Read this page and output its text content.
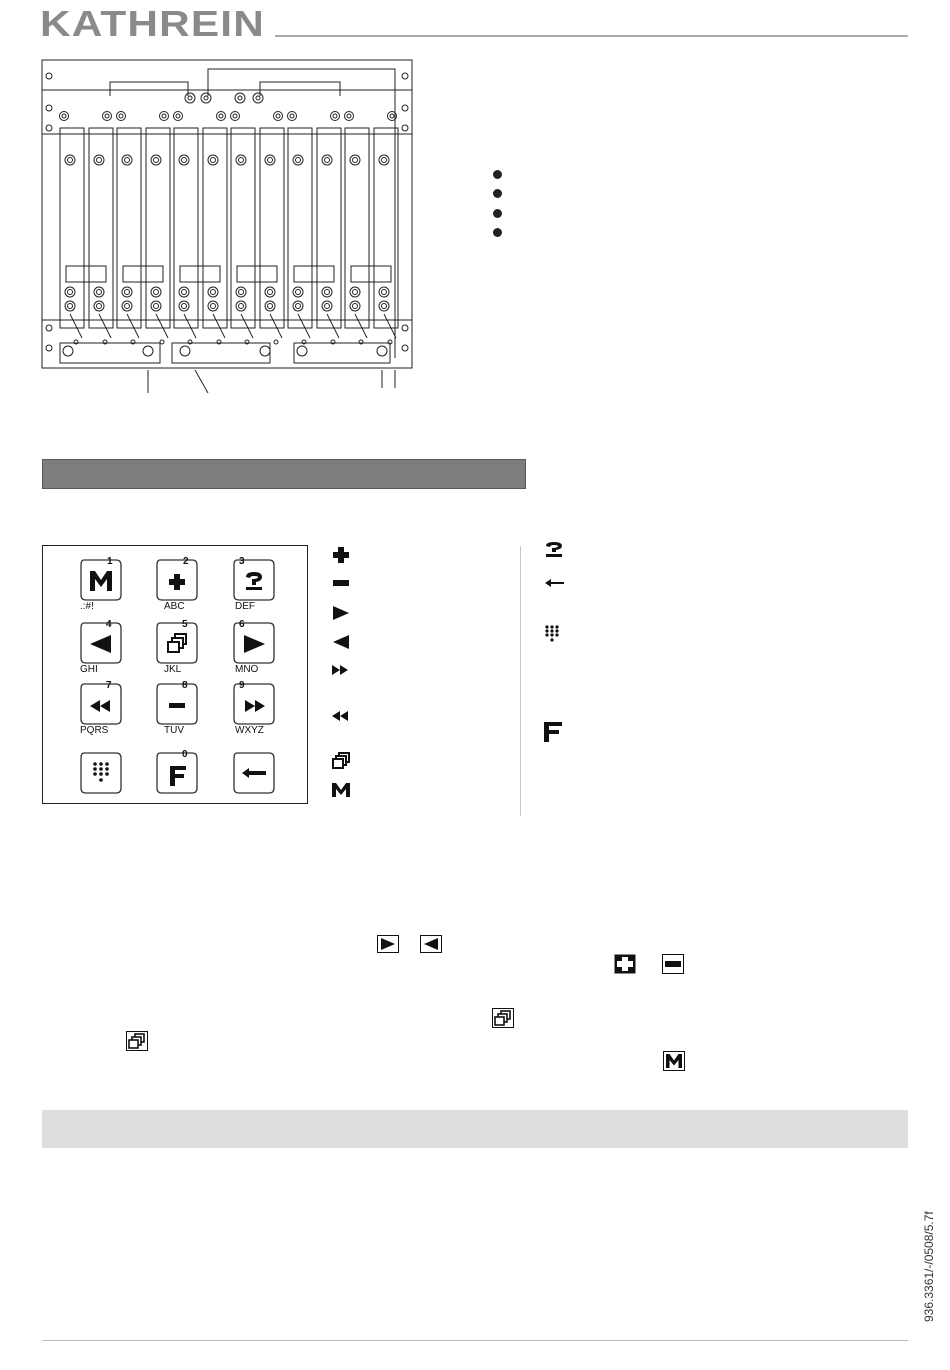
KATHREIN
1
.:#!
2
ABC
3
DEF
4
GHI
5
JKL
6
MNO
7
PQRS
8
TUV
9
WXYZ
0
936.3361/-/0508/5.7f
